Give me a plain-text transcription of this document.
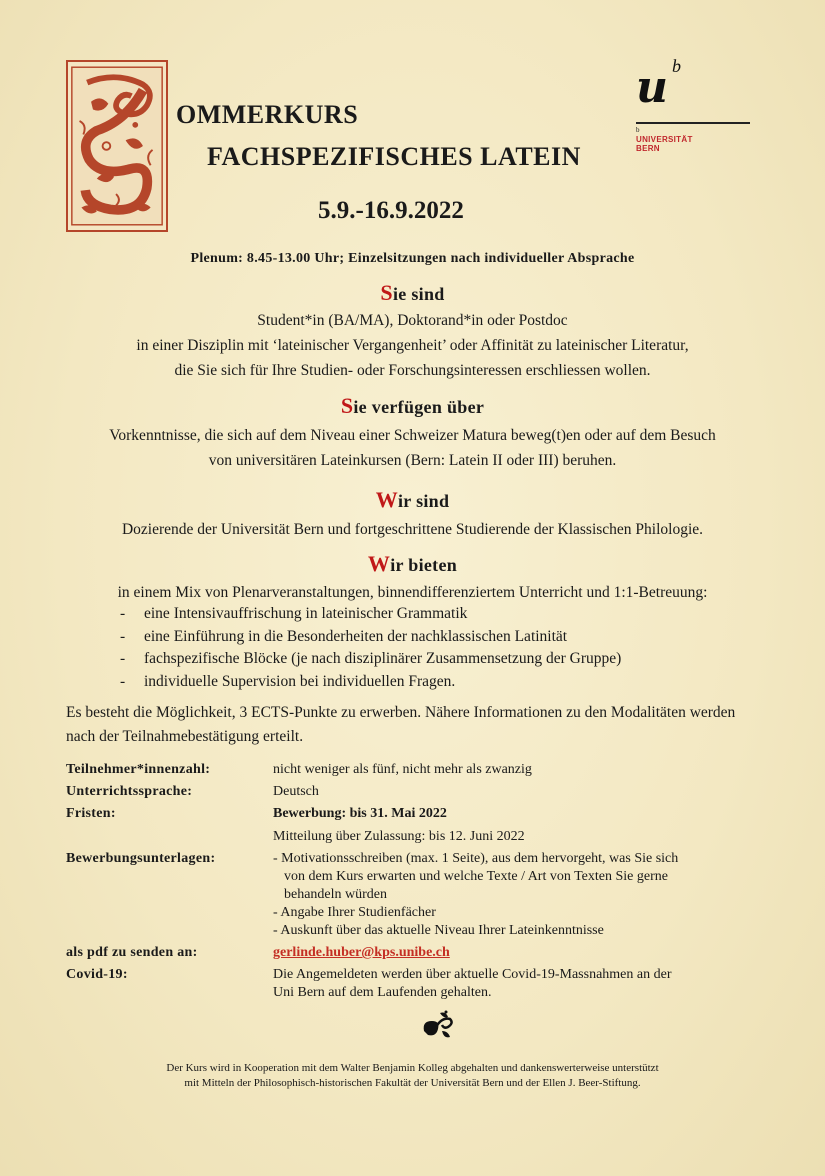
OMMERKURS
FACHSPEZIFISCHES LATEIN
5.9.-16.9.2022
u b
b
UNIVERSITÄT
BERN
Plenum: 8.45-13.00 Uhr; Einzelsitzungen nach individueller Absprache
Sie sind
Student*in (BA/MA), Doktorand*in oder Postdoc
in einer Disziplin mit ‘lateinischer Vergangenheit’ oder Affinität zu lateinischer Literatur,
die Sie sich für Ihre Studien- oder Forschungsinteressen erschliessen wollen.
Sie verfügen über
Vorkenntnisse, die sich auf dem Niveau einer Schweizer Matura beweg(t)en oder auf dem Besuch
von universitären Lateinkursen (Bern: Latein II oder III) beruhen.
Wir sind
Dozierende der Universität Bern und fortgeschrittene Studierende der Klassischen Philologie.
Wir bieten
in einem Mix von Plenarveranstaltungen, binnendifferenziertem Unterricht und 1:1-Betreuung:
-	eine Intensivauffrischung in lateinischer Grammatik
-	eine Einführung in die Besonderheiten der nachklassischen Latinität
-	fachspezifische Blöcke (je nach disziplinärer Zusammensetzung der Gruppe)
-	individuelle Supervision bei individuellen Fragen.
Es besteht die Möglichkeit, 3 ECTS-Punkte zu erwerben. Nähere Informationen zu den Modalitäten werden nach der Teilnahmebestätigung erteilt.
Teilnehmer*innenzahl:	nicht weniger als fünf, nicht mehr als zwanzig
Unterrichtssprache:	Deutsch
Fristen:	Bewerbung: bis 31. Mai 2022
Mitteilung über Zulassung: bis 12. Juni 2022
Bewerbungsunterlagen:	- Motivationsschreiben (max. 1 Seite), aus dem hervorgeht, was Sie sich
von dem Kurs erwarten und welche Texte / Art von Texten Sie gerne
behandeln würden
- Angabe Ihrer Studienfächer
- Auskunft über das aktuelle Niveau Ihrer Lateinkenntnisse
als pdf zu senden an:	gerlinde.huber@kps.unibe.ch
Covid-19:	Die Angemeldeten werden über aktuelle Covid-19-Massnahmen an der
Uni Bern auf dem Laufenden gehalten.
Der Kurs wird in Kooperation mit dem Walter Benjamin Kolleg abgehalten und dankenswerterweise unterstützt
mit Mitteln der Philosophisch-historischen Fakultät der Universität Bern und der Ellen J. Beer-Stiftung.
